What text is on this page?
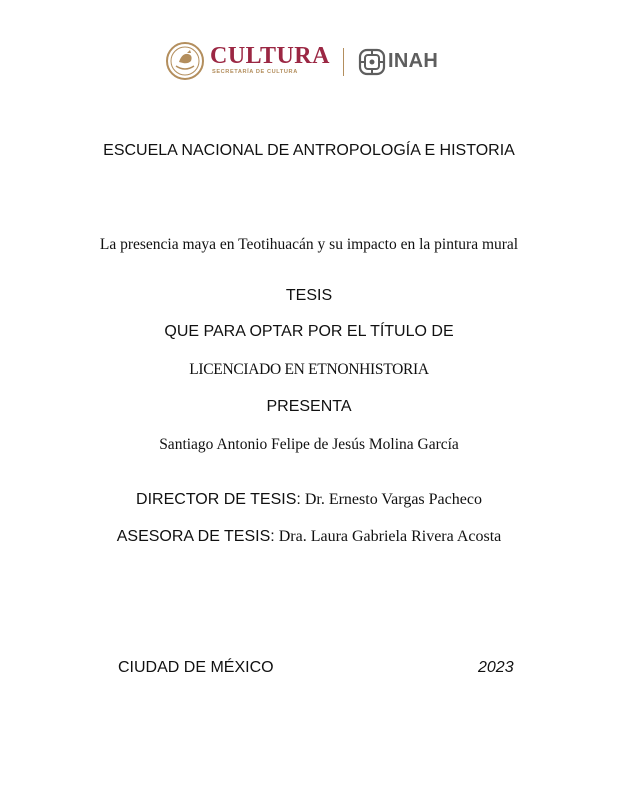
CULTURA
SECRETARÍA DE CULTURA	INAH
ESCUELA NACIONAL DE ANTROPOLOGÍA E HISTORIA
La presencia maya en Teotihuacán y su impacto en la pintura mural
TESIS
QUE PARA OPTAR POR EL TÍTULO DE
LICENCIADO EN ETNONHISTORIA
PRESENTA
Santiago Antonio Felipe de Jesús Molina García
DIRECTOR DE TESIS: Dr. Ernesto Vargas Pacheco
ASESORA DE TESIS: Dra. Laura Gabriela Rivera Acosta
CIUDAD DE MÉXICO	2023
